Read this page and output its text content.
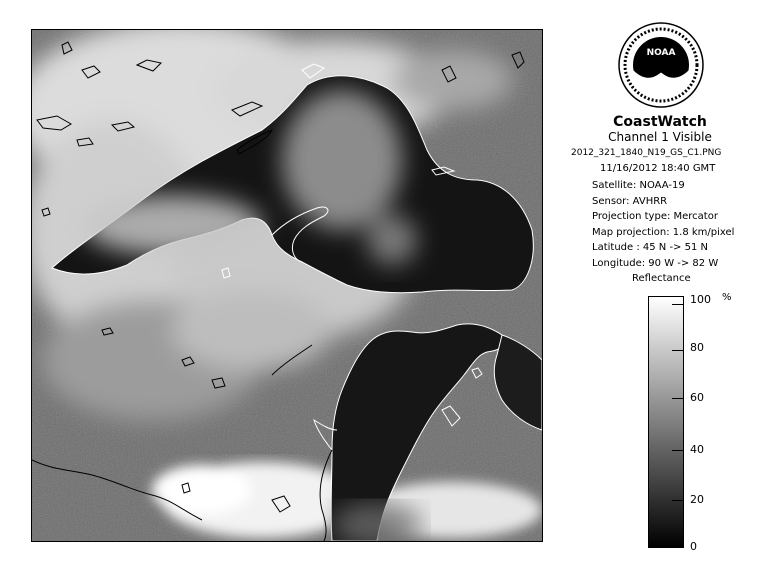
NOAA
CoastWatch
Channel 1 Visible
2012_321_1840_N19_GS_C1.PNG
11/16/2012 18:40 GMT
Satellite: NOAA-19
Sensor: AVHRR
Projection type: Mercator
Map projection: 1.8 km/pixel
Latitude : 45 N -> 51 N
Longitude: 90 W -> 82 W
Reflectance
100 %
80
60
40
20
0
